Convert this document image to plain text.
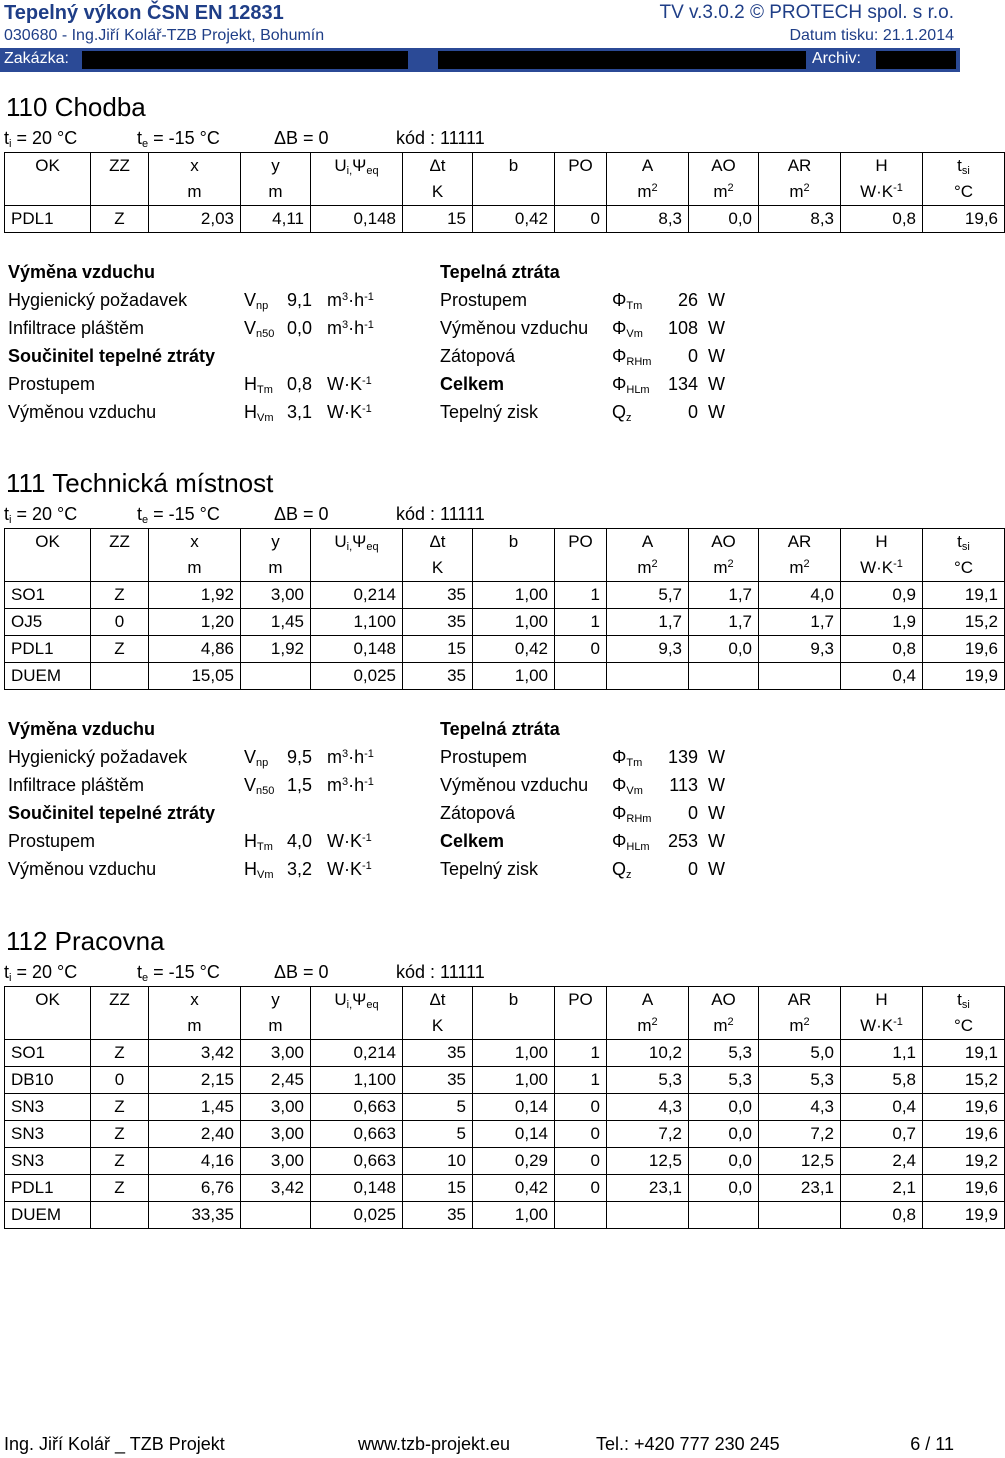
Tepelný výkon ČSN EN 12831	TV v.3.0.2 © PROTECH spol. s r.o.
030680 - Ing.Jiří Kolář-TZB Projekt, Bohumín	Datum tisku: 21.1.2014
Zakázka:	Archiv:
110 Chodba
$t_i = 20$ °C	$t_e = -15$ °C	ΔB = 0	kód : 11111
OK	ZZ	x	y	$U_{i,}\Psi_{eq}$	Δt	b	PO	A	AO	AR	H	$t_{si}$
		m	m		K			$m^2$	$m^2$	$m^2$	$W\cdot K^{-1}$	°C
PDL1	Z	2,03	4,11	0,148	15	0,42	0	8,3	0,0	8,3	0,8	19,6
Výměna vzduchu	Tepelná ztráta
Hygienický požadavek	$V_{np}$ 9,1 $m^3\cdot h^{-1}$	Prostupem	$\Phi_{Tm}$	26 W
Infiltrace pláštěm	$V_{n50}$ 0,0 $m^3\cdot h^{-1}$	Výměnou vzduchu $\Phi_{Vm}$	108 W
Součinitel tepelné ztráty	Zátopová	$\Phi_{RHm}$	0 W
Prostupem	$H_{Tm}$ 0,8 $W\cdot K^{-1}$	Celkem	$\Phi_{HLm}$	134 W
Výměnou vzduchu	$H_{Vm}$ 3,1 $W\cdot K^{-1}$	Tepelný zisk	$Q_z$	0 W
111 Technická místnost
$t_i = 20$ °C	$t_e = -15$ °C	ΔB = 0	kód : 11111
OK	ZZ	x	y	$U_{i,}\Psi_{eq}$	Δt	b	PO	A	AO	AR	H	$t_{si}$
		m	m		K			$m^2$	$m^2$	$m^2$	$W\cdot K^{-1}$	°C
SO1	Z	1,92	3,00	0,214	35	1,00	1	5,7	1,7	4,0	0,9	19,1
OJ5	0	1,20	1,45	1,100	35	1,00	1	1,7	1,7	1,7	1,9	15,2
PDL1	Z	4,86	1,92	0,148	15	0,42	0	9,3	0,0	9,3	0,8	19,6
DUEM		15,05		0,025	35	1,00					0,4	19,9
Výměna vzduchu	Tepelná ztráta
Hygienický požadavek	$V_{np}$ 9,5 $m^3\cdot h^{-1}$	Prostupem	$\Phi_{Tm}$	139 W
Infiltrace pláštěm	$V_{n50}$ 1,5 $m^3\cdot h^{-1}$	Výměnou vzduchu $\Phi_{Vm}$	113 W
Součinitel tepelné ztráty	Zátopová	$\Phi_{RHm}$	0 W
Prostupem	$H_{Tm}$ 4,0 $W\cdot K^{-1}$	Celkem	$\Phi_{HLm}$	253 W
Výměnou vzduchu	$H_{Vm}$ 3,2 $W\cdot K^{-1}$	Tepelný zisk	$Q_z$	0 W
112 Pracovna
$t_i = 20$ °C	$t_e = -15$ °C	ΔB = 0	kód : 11111
OK	ZZ	x	y	$U_{i,}\Psi_{eq}$	Δt	b	PO	A	AO	AR	H	$t_{si}$
		m	m		K			$m^2$	$m^2$	$m^2$	$W\cdot K^{-1}$	°C
SO1	Z	3,42	3,00	0,214	35	1,00	1	10,2	5,3	5,0	1,1	19,1
DB10	0	2,15	2,45	1,100	35	1,00	1	5,3	5,3	5,3	5,8	15,2
SN3	Z	1,45	3,00	0,663	5	0,14	0	4,3	0,0	4,3	0,4	19,6
SN3	Z	2,40	3,00	0,663	5	0,14	0	7,2	0,0	7,2	0,7	19,6
SN3	Z	4,16	3,00	0,663	10	0,29	0	12,5	0,0	12,5	2,4	19,2
PDL1	Z	6,76	3,42	0,148	15	0,42	0	23,1	0,0	23,1	2,1	19,6
DUEM		33,35		0,025	35	1,00					0,8	19,9
Ing. Jiří Kolář _ TZB Projekt	www.tzb-projekt.eu	Tel.: +420 777 230 245	6 / 11
